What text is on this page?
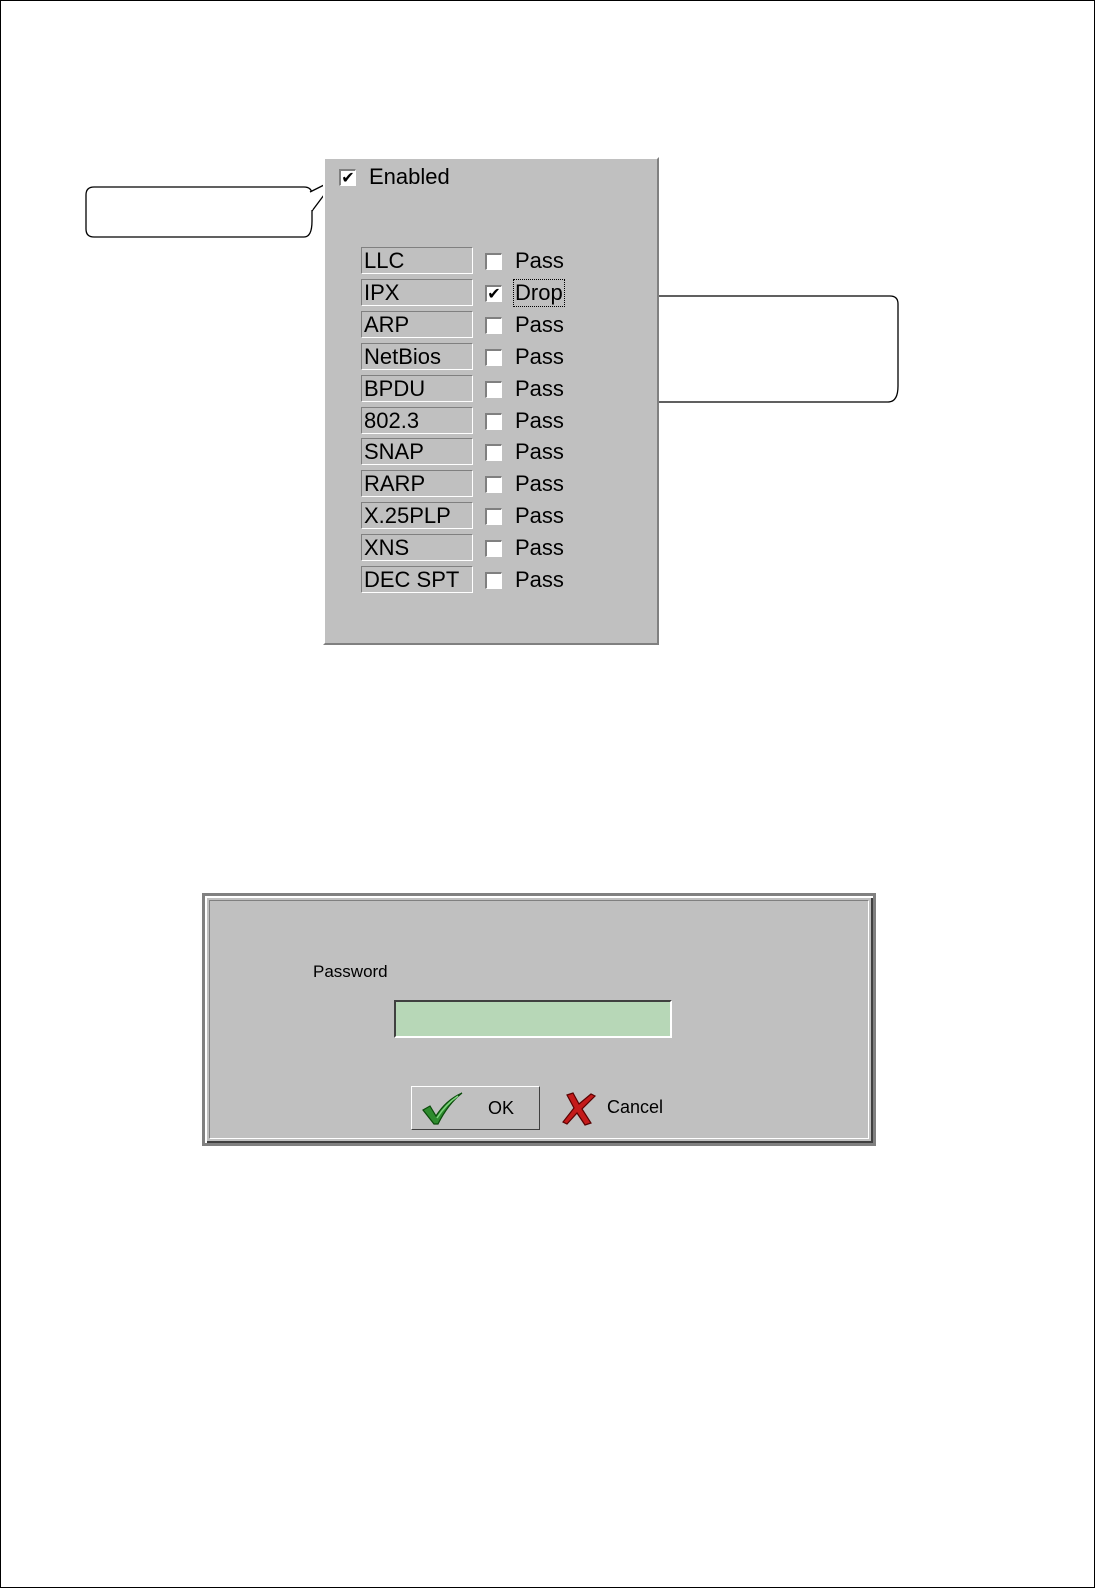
✔ Enabled
LLC	Pass
IPX	✔ Drop
ARP	Pass
NetBios	Pass
BPDU	Pass
802.3	Pass
SNAP	Pass
RARP	Pass
X.25PLP	Pass
XNS	Pass
DEC SPT	Pass
Password
OK	Cancel
